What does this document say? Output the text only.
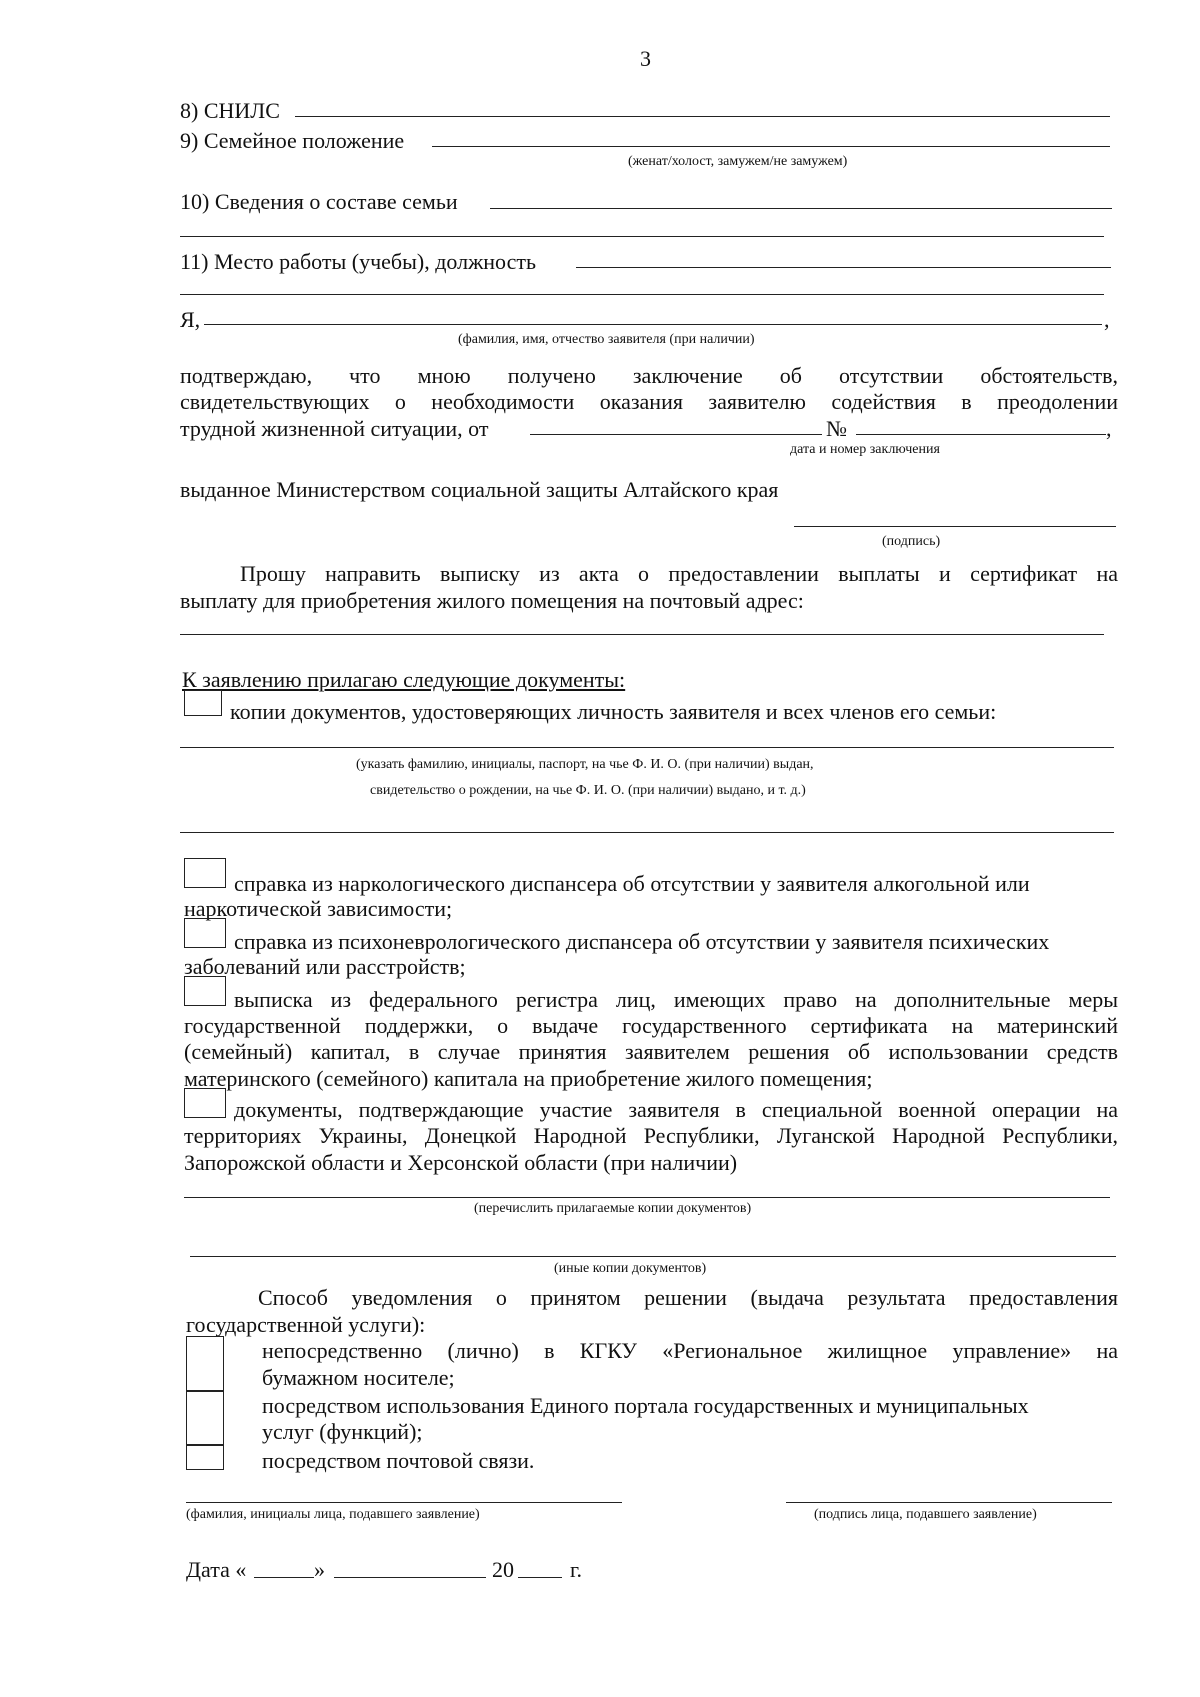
3
8) СНИЛС
9) Семейное положение
(женат/холост, замужем/не замужем)
10) Сведения о составе семьи
11) Место работы (учебы), должность
Я,	,
(фамилия, имя, отчество заявителя (при наличии)
подтверждаю, что мною получено заключение об отсутствии обстоятельств,
свидетельствующих о необходимости оказания заявителю содействия в преодолении
трудной жизненной ситуации, от	№	,
дата и номер заключения
выданное Министерством социальной защиты Алтайского края
(подпись)
Прошу направить выписку из акта о предоставлении выплаты и сертификат на
выплату для приобретения жилого помещения на почтовый адрес:
К заявлению прилагаю следующие документы:
копии документов, удостоверяющих личность заявителя и всех членов его семьи:
(указать фамилию, инициалы, паспорт, на чье Ф. И. О. (при наличии) выдан,
свидетельство о рождении, на чье Ф. И. О. (при наличии) выдано, и т. д.)
справка из наркологического диспансера об отсутствии у заявителя алкогольной или
наркотической зависимости;
справка из психоневрологического диспансера об отсутствии у заявителя психических
заболеваний или расстройств;
выписка из федерального регистра лиц, имеющих право на дополнительные меры
государственной поддержки, о выдаче государственного сертификата на материнский
(семейный) капитал, в случае принятия заявителем решения об использовании средств
материнского (семейного) капитала на приобретение жилого помещения;
документы, подтверждающие участие заявителя в специальной военной операции на
территориях Украины, Донецкой Народной Республики, Луганской Народной Республики,
Запорожской области и Херсонской области (при наличии)
(перечислить прилагаемые копии документов)
(иные копии документов)
Способ уведомления о принятом решении (выдача результата предоставления
государственной услуги):
непосредственно (лично) в КГКУ «Региональное жилищное управление» на
бумажном носителе;
посредством использования Единого портала государственных и муниципальных
услуг (функций);
посредством почтовой связи.
(фамилия, инициалы лица, подавшего заявление)	(подпись лица, подавшего заявление)
Дата «	»	20	г.
